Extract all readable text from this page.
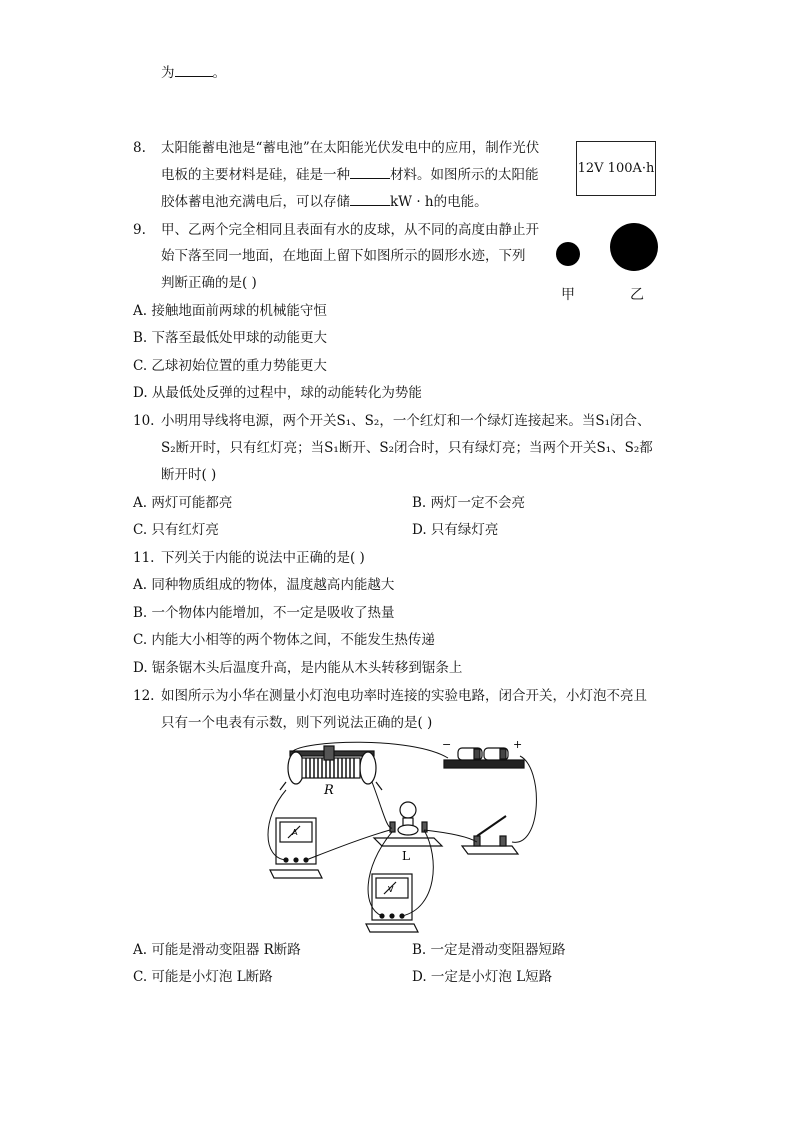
为	。
8. 太阳能蓄电池是“蓄电池”在太阳能光伏发电中的应用，制作光伏
电板的主要材料是硅，硅是一种	材料。如图所示的太阳能
胶体蓄电池充满电后，可以存储	kW · h的电能。
12V 100A·h
9. 甲、乙两个完全相同且表面有水的皮球，从不同的高度由静止开
始下落至同一地面，在地面上留下如图所示的圆形水迹，下列
判断正确的是( )
甲	乙
A. 接触地面前两球的机械能守恒
B. 下落至最低处甲球的动能更大
C. 乙球初始位置的重力势能更大
D. 从最低处反弹的过程中，球的动能转化为势能
10. 小明用导线将电源，两个开关S₁、S₂，一个红灯和一个绿灯连接起来。当S₁闭合、
S₂断开时，只有红灯亮；当S₁断开、S₂闭合时，只有绿灯亮；当两个开关S₁、S₂都
断开时( )
A. 两灯可能都亮	B. 两灯一定不会亮
C. 只有红灯亮	D. 只有绿灯亮
11. 下列关于内能的说法中正确的是( )
A. 同种物质组成的物体，温度越高内能越大
B. 一个物体内能增加，不一定是吸收了热量
C. 内能大小相等的两个物体之间，不能发生热传递
D. 锯条锯木头后温度升高，是内能从木头转移到锯条上
12. 如图所示为小华在测量小灯泡电功率时连接的实验电路，闭合开关，小灯泡不亮且
只有一个电表有示数，则下列说法正确的是( )
R
−	+
L
A
V
A. 可能是滑动变阻器 R断路	B. 一定是滑动变阻器短路
C. 可能是小灯泡 L断路	D. 一定是小灯泡 L短路
